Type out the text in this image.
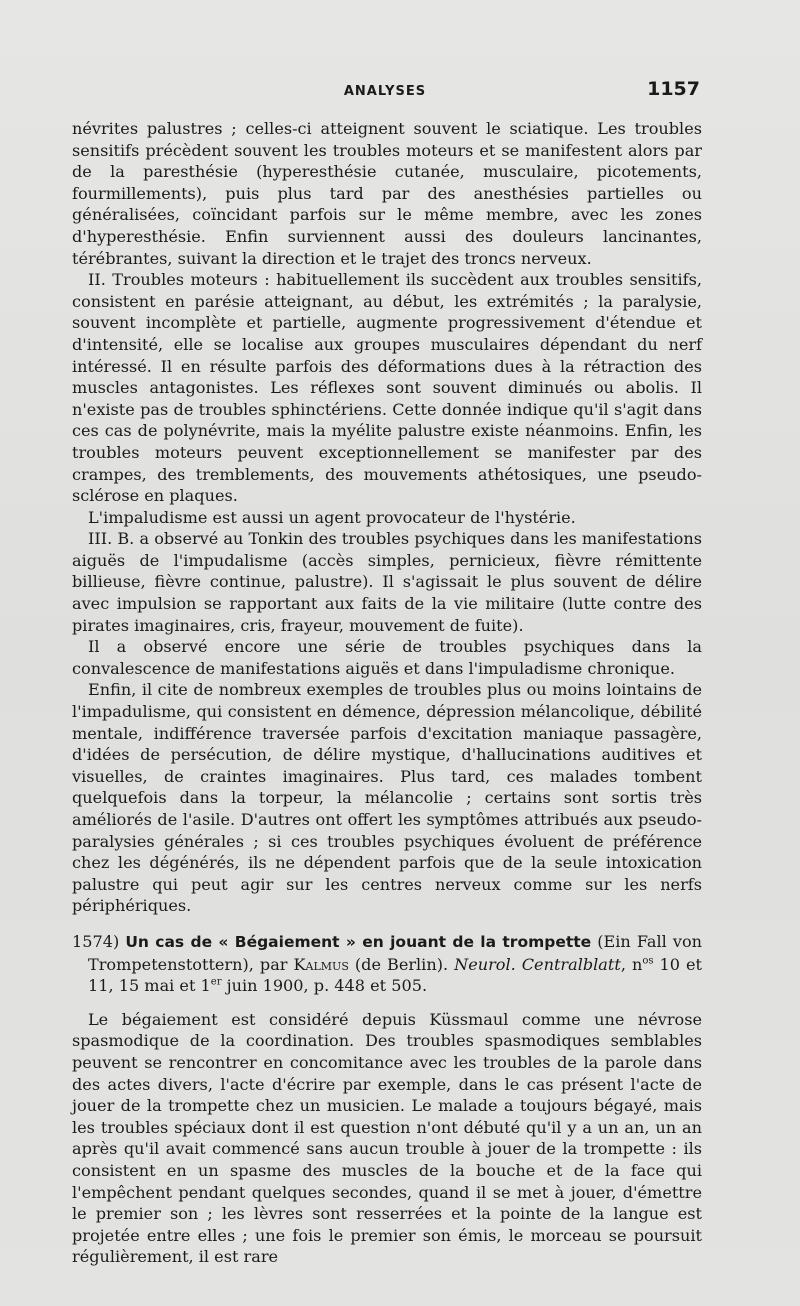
ANALYSES	1157

névrites palustres ; celles-ci atteignent souvent le sciatique. Les troubles sensitifs précèdent souvent les troubles moteurs et se manifestent alors par de la paresthésie (hyperesthésie cutanée, musculaire, picotements, fourmillements), puis plus tard par des anesthésies partielles ou généralisées, coïncidant parfois sur le même membre, avec les zones d'hyperesthésie. Enfin surviennent aussi des douleurs lancinantes, térébrantes, suivant la direction et le trajet des troncs nerveux.

II. Troubles moteurs : habituellement ils succèdent aux troubles sensitifs, consistent en parésie atteignant, au début, les extrémités ; la paralysie, souvent incomplète et partielle, augmente progressivement d'étendue et d'intensité, elle se localise aux groupes musculaires dépendant du nerf intéressé. Il en résulte parfois des déformations dues à la rétraction des muscles antagonistes. Les réflexes sont souvent diminués ou abolis. Il n'existe pas de troubles sphinctériens. Cette donnée indique qu'il s'agit dans ces cas de polynévrite, mais la myélite palustre existe néanmoins. Enfin, les troubles moteurs peuvent exceptionnellement se manifester par des crampes, des tremblements, des mouvements athétosiques, une pseudo-sclérose en plaques.

L'impaludisme est aussi un agent provocateur de l'hystérie.

III. B. a observé au Tonkin des troubles psychiques dans les manifestations aiguës de l'impudalisme (accès simples, pernicieux, fièvre rémittente billieuse, fièvre continue, palustre). Il s'agissait le plus souvent de délire avec impulsion se rapportant aux faits de la vie militaire (lutte contre des pirates imaginaires, cris, frayeur, mouvement de fuite).

Il a observé encore une série de troubles psychiques dans la convalescence de manifestations aiguës et dans l'impuladisme chronique.

Enfin, il cite de nombreux exemples de troubles plus ou moins lointains de l'impadulisme, qui consistent en démence, dépression mélancolique, débilité mentale, indifférence traversée parfois d'excitation maniaque passagère, d'idées de persécution, de délire mystique, d'hallucinations auditives et visuelles, de craintes imaginaires. Plus tard, ces malades tombent quelquefois dans la torpeur, la mélancolie ; certains sont sortis très améliorés de l'asile. D'autres ont offert les symptômes attribués aux pseudo-paralysies générales ; si ces troubles psychiques évoluent de préférence chez les dégénérés, ils ne dépendent parfois que de la seule intoxication palustre qui peut agir sur les centres nerveux comme sur les nerfs périphériques.

1574) Un cas de « Bégaiement » en jouant de la trompette (Ein Fall von Trompetenstottern), par Kalmus (de Berlin). Neurol. Centralblatt, $n^{os}$ 10 et 11, 15 mai et 1er juin 1900, p. 448 et 505.

Le bégaiement est considéré depuis Küssmaul comme une névrose spasmodique de la coordination. Des troubles spasmodiques semblables peuvent se rencontrer en concomitance avec les troubles de la parole dans des actes divers, l'acte d'écrire par exemple, dans le cas présent l'acte de jouer de la trompette chez un musicien. Le malade a toujours bégayé, mais les troubles spéciaux dont il est question n'ont débuté qu'il y a un an, un an après qu'il avait commencé sans aucun trouble à jouer de la trompette : ils consistent en un spasme des muscles de la bouche et de la face qui l'empêchent pendant quelques secondes, quand il se met à jouer, d'émettre le premier son ; les lèvres sont resserrées et la pointe de la langue est projetée entre elles ; une fois le premier son émis, le morceau se poursuit régulièrement, il est rare
